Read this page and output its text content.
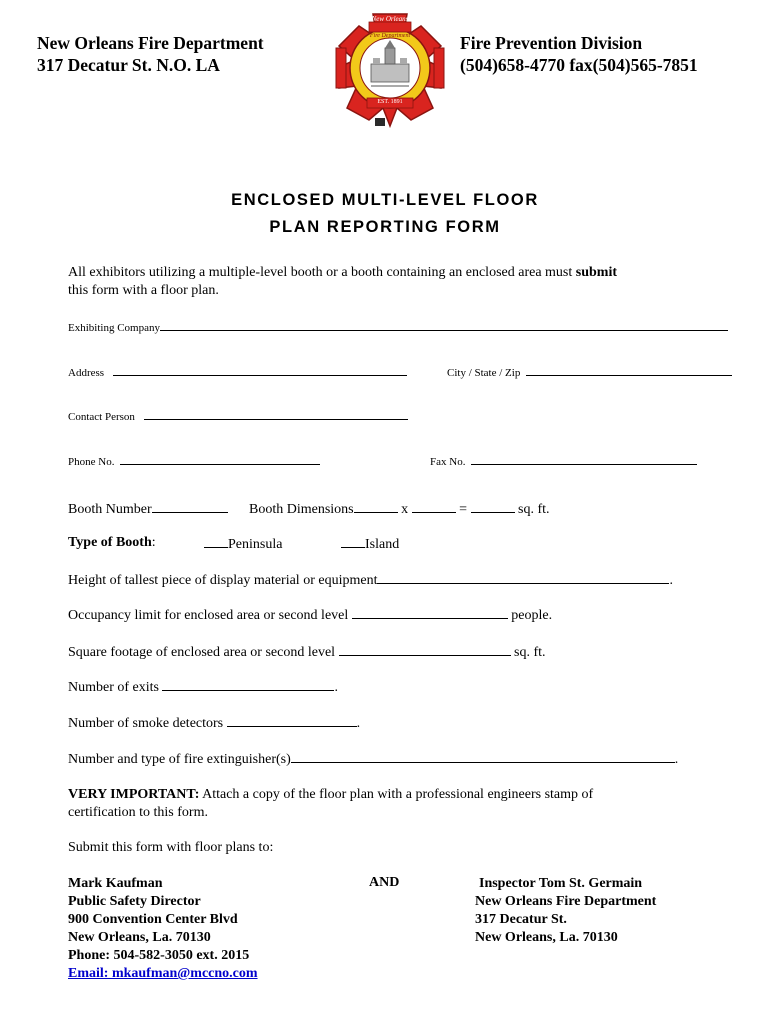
New Orleans Fire Department
317 Decatur St. N.O. LA
Fire Prevention Division
(504)658-4770 fax(504)565-7851
New Orleans
Fire Department
EST. 1891
ENCLOSED MULTI-LEVEL FLOOR
PLAN REPORTING FORM
All exhibitors utilizing a multiple-level booth or a booth containing an enclosed area must submit
this form with a floor plan.
Exhibiting Company
Address	City / State / Zip
Contact Person
Phone No.	Fax No.
Booth Number	Booth Dimensions	x	=	sq. ft.
Type of Booth:	Peninsula	Island
Height of tallest piece of display material or equipment	.
Occupancy limit for enclosed area or second level	people.
Square footage of enclosed area or second level	sq. ft.
Number of exits	.
Number of smoke detectors	.
Number and type of fire extinguisher(s)	.
VERY IMPORTANT: Attach a copy of the floor plan with a professional engineers stamp of
certification to this form.
Submit this form with floor plans to:
Mark Kaufman
Public Safety Director
900 Convention Center Blvd
New Orleans, La. 70130
Phone: 504-582-3050 ext. 2015
Email: mkaufman@mccno.com
AND	Inspector Tom St. Germain
New Orleans Fire Department
317 Decatur St.
New Orleans, La. 70130
